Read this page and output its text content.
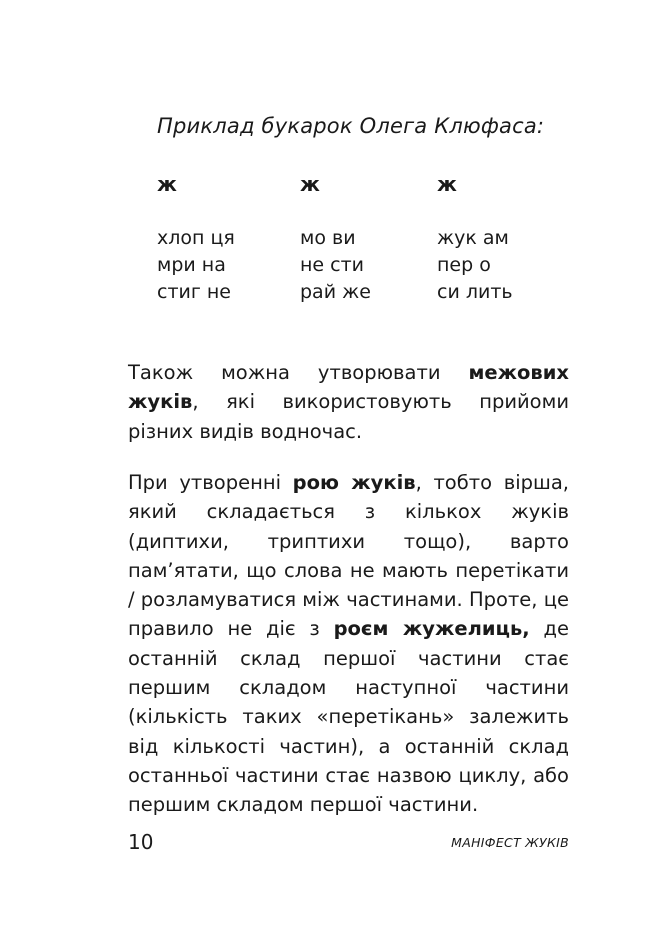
Приклад букарок Олега Клюфаса:
ж
хлоп ця
мри на
стиг не
ж
мо ви
не сти
рай же
ж
жук ам
пер о
си лить

Також можна утворювати межових жуків, які використовують прийоми різних видів водночас.

При утворенні рою жуків, тобто вірша, який складається з кількох жуків (диптихи, триптихи тощо), варто пам’ятати, що слова не мають перетікати / розламуватися між частинами. Проте, це правило не діє з роєм жужелиць, де останній склад першої частини стає першим складом наступної частини (кількість таких «перетікань» залежить від кількості частин), а останній склад останньої частини стає назвою циклу, або першим складом першої частини.

10	МАНІФЕСТ ЖУКІВ
